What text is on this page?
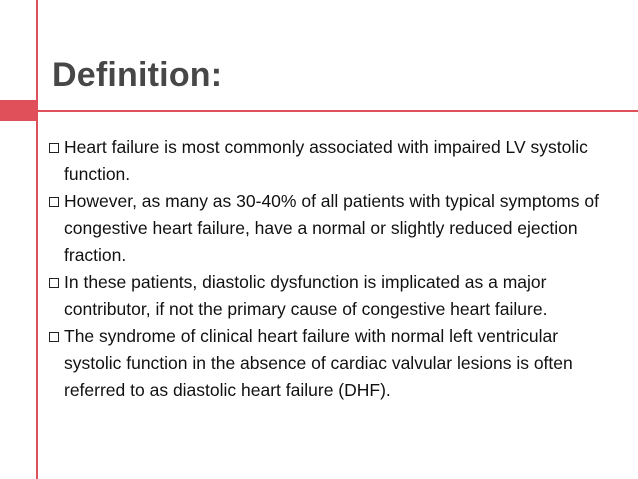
Definition:
Heart failure is most commonly associated with impaired LV systolic function.
However, as many as 30-40% of all patients with typical symptoms of congestive heart failure, have a normal or slightly reduced ejection fraction.
In these patients, diastolic dysfunction is implicated as a major contributor, if not the primary cause of congestive heart failure.
The syndrome of clinical heart failure with normal left ventricular systolic function in the absence of cardiac valvular lesions is often referred to as diastolic heart failure (DHF).
